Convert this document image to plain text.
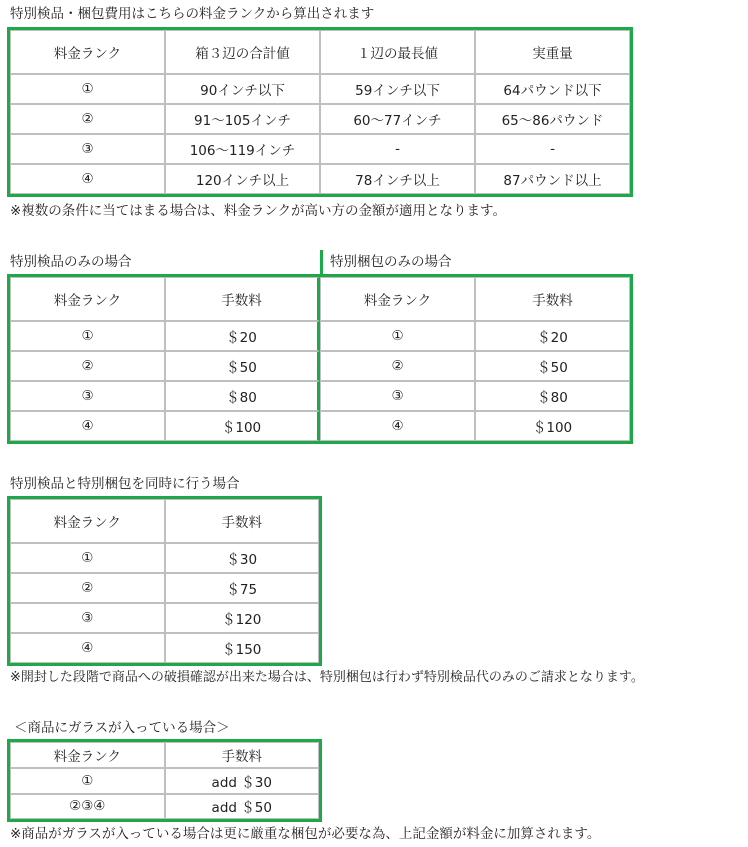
特別検品・梱包費用はこちらの料金ランクから算出されます
料金ランク	箱３辺の合計値	１辺の最長値	実重量
①	90インチ以下	59インチ以下	64パウンド以下
②	91～105インチ	60～77インチ	65～86パウンド
③	106～119インチ	-	-
④	120インチ以上	78インチ以上	87パウンド以上
※複数の条件に当てはまる場合は、料金ランクが高い方の金額が適用となります。
特別検品のみの場合	特別梱包のみの場合
料金ランク	手数料	料金ランク	手数料
①	＄20	①	＄20
②	＄50	②	＄50
③	＄80	③	＄80
④	＄100	④	＄100
特別検品と特別梱包を同時に行う場合
料金ランク	手数料
①	＄30
②	＄75
③	＄120
④	＄150
※開封した段階で商品への破損確認が出来た場合は、特別梱包は行わず特別検品代のみのご請求となります。
＜商品にガラスが入っている場合＞
料金ランク	手数料
①	add ＄30
②③④	add ＄50
※商品がガラスが入っている場合は更に厳重な梱包が必要な為、上記金額が料金に加算されます。
